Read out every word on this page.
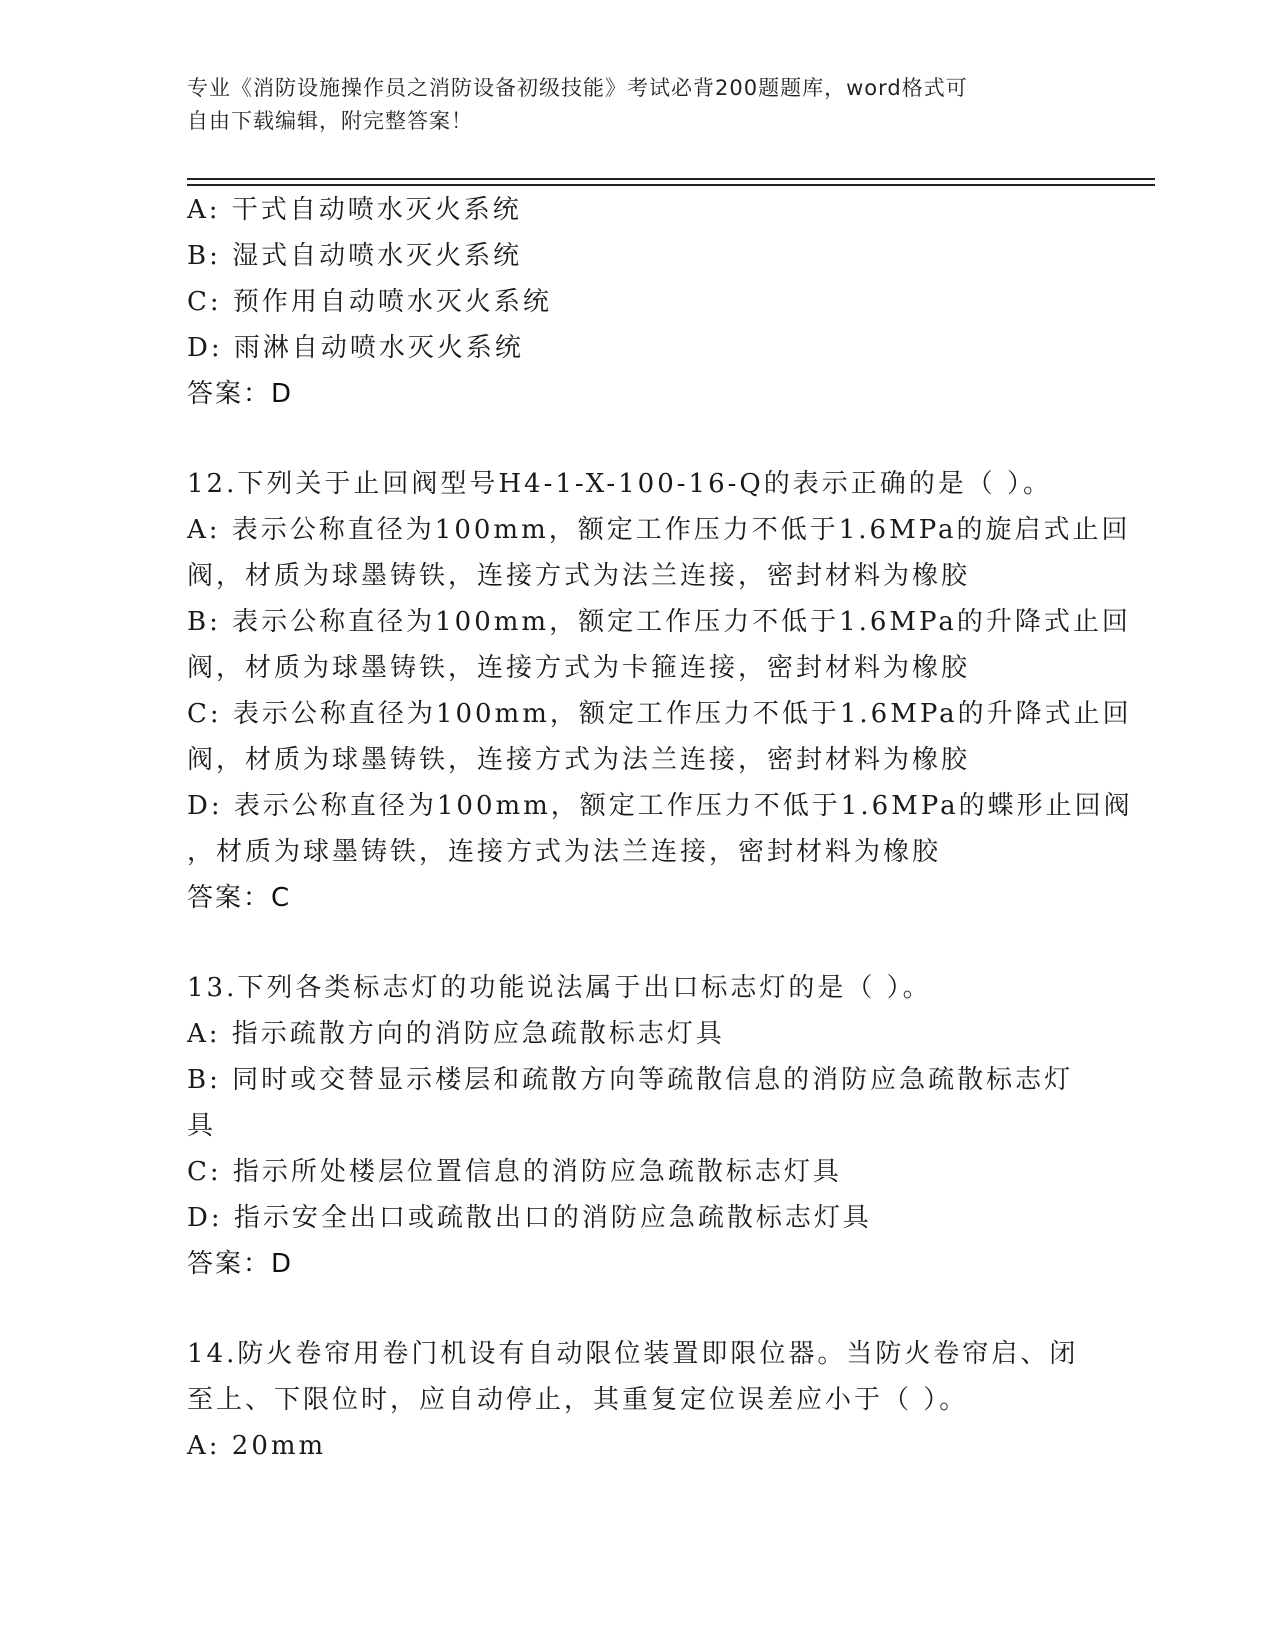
专业《消防设施操作员之消防设备初级技能》考试必背200题题库，word格式可
自由下载编辑，附完整答案！
A: 干式自动喷水灭火系统
B: 湿式自动喷水灭火系统
C: 预作用自动喷水灭火系统
D: 雨淋自动喷水灭火系统
答案：D
12.下列关于止回阀型号H4-1-X-100-16-Q的表示正确的是（ ）。
A: 表示公称直径为100mm，额定工作压力不低于1.6MPa的旋启式止回
阀，材质为球墨铸铁，连接方式为法兰连接，密封材料为橡胶
B: 表示公称直径为100mm，额定工作压力不低于1.6MPa的升降式止回
阀，材质为球墨铸铁，连接方式为卡箍连接，密封材料为橡胶
C: 表示公称直径为100mm，额定工作压力不低于1.6MPa的升降式止回
阀，材质为球墨铸铁，连接方式为法兰连接，密封材料为橡胶
D: 表示公称直径为100mm，额定工作压力不低于1.6MPa的蝶形止回阀
，材质为球墨铸铁，连接方式为法兰连接，密封材料为橡胶
答案：C
13.下列各类标志灯的功能说法属于出口标志灯的是（ ）。
A: 指示疏散方向的消防应急疏散标志灯具
B: 同时或交替显示楼层和疏散方向等疏散信息的消防应急疏散标志灯
具
C: 指示所处楼层位置信息的消防应急疏散标志灯具
D: 指示安全出口或疏散出口的消防应急疏散标志灯具
答案：D
14.防火卷帘用卷门机设有自动限位装置即限位器。当防火卷帘启、闭
至上、下限位时，应自动停止，其重复定位误差应小于（ ）。
A: 20mm
